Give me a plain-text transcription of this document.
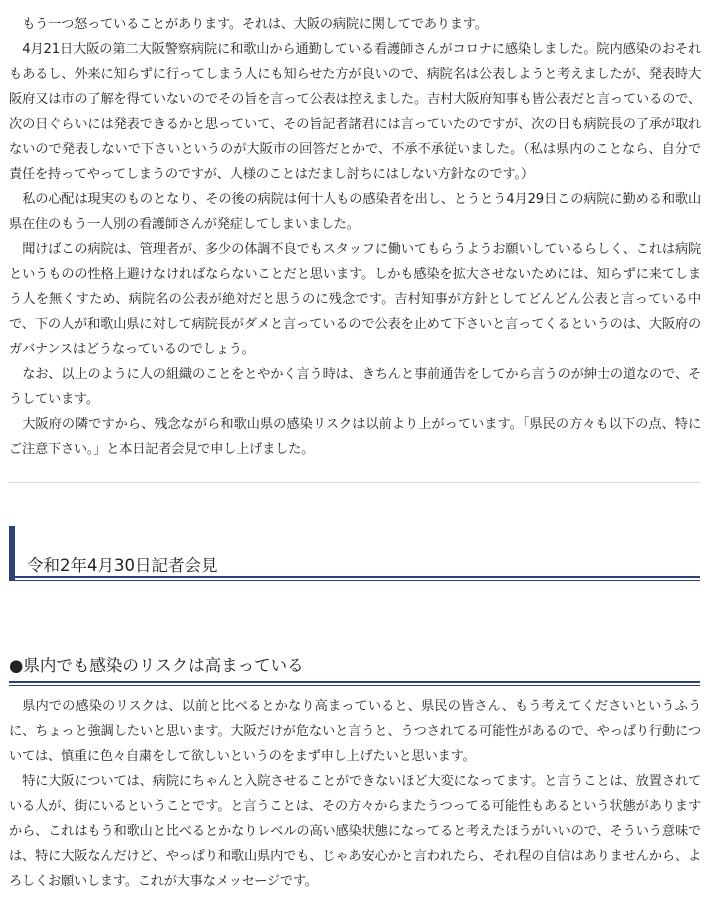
もう一つ怒っていることがあります。それは、大阪の病院に関してであります。

4月21日大阪の第二大阪警察病院に和歌山から通勤している看護師さんがコロナに感染しました。院内感染のおそれもあるし、外来に知らずに行ってしまう人にも知らせた方が良いので、病院名は公表しようと考えましたが、発表時大阪府又は市の了解を得ていないのでその旨を言って公表は控えました。吉村大阪府知事も皆公表だと言っているので、次の日ぐらいには発表できるかと思っていて、その旨記者諸君には言っていたのですが、次の日も病院長の了承が取れないので発表しないで下さいというのが大阪市の回答だとかで、不承不承従いました。（私は県内のことなら、自分で責任を持ってやってしまうのですが、人様のことはだまし討ちにはしない方針なのです。）

私の心配は現実のものとなり、その後の病院は何十人もの感染者を出し、とうとう4月29日この病院に勤める和歌山県在住のもう一人別の看護師さんが発症してしまいました。

聞けばこの病院は、管理者が、多少の体調不良でもスタッフに働いてもらうようお願いしているらしく、これは病院というものの性格上避けなければならないことだと思います。しかも感染を拡大させないためには、知らずに来てしまう人を無くすため、病院名の公表が絶対だと思うのに残念です。吉村知事が方針としてどんどん公表と言っている中で、下の人が和歌山県に対して病院長がダメと言っているので公表を止めて下さいと言ってくるというのは、大阪府のガバナンスはどうなっているのでしょう。

なお、以上のように人の組織のことをとやかく言う時は、きちんと事前通告をしてから言うのが紳士の道なので、そうしています。

大阪府の隣ですから、残念ながら和歌山県の感染リスクは以前より上がっています。「県民の方々も以下の点、特にご注意下さい。」と本日記者会見で申し上げました。

令和2年4月30日記者会見
●県内でも感染のリスクは高まっている

県内での感染のリスクは、以前と比べるとかなり高まっていると、県民の皆さん、もう考えてくださいというふうに、ちょっと強調したいと思います。大阪だけが危ないと言うと、うつされてる可能性があるので、やっぱり行動については、慎重に色々自粛をして欲しいというのをまず申し上げたいと思います。

特に大阪については、病院にちゃんと入院させることができないほど大変になってます。と言うことは、放置されている人が、街にいるということです。と言うことは、その方々からまたうつってる可能性もあるという状態がありますから、これはもう和歌山と比べるとかなりレベルの高い感染状態になってると考えたほうがいいので、そういう意味では、特に大阪なんだけど、やっぱり和歌山県内でも、じゃあ安心かと言われたら、それ程の自信はありませんから、よろしくお願いします。これが大事なメッセージです。
